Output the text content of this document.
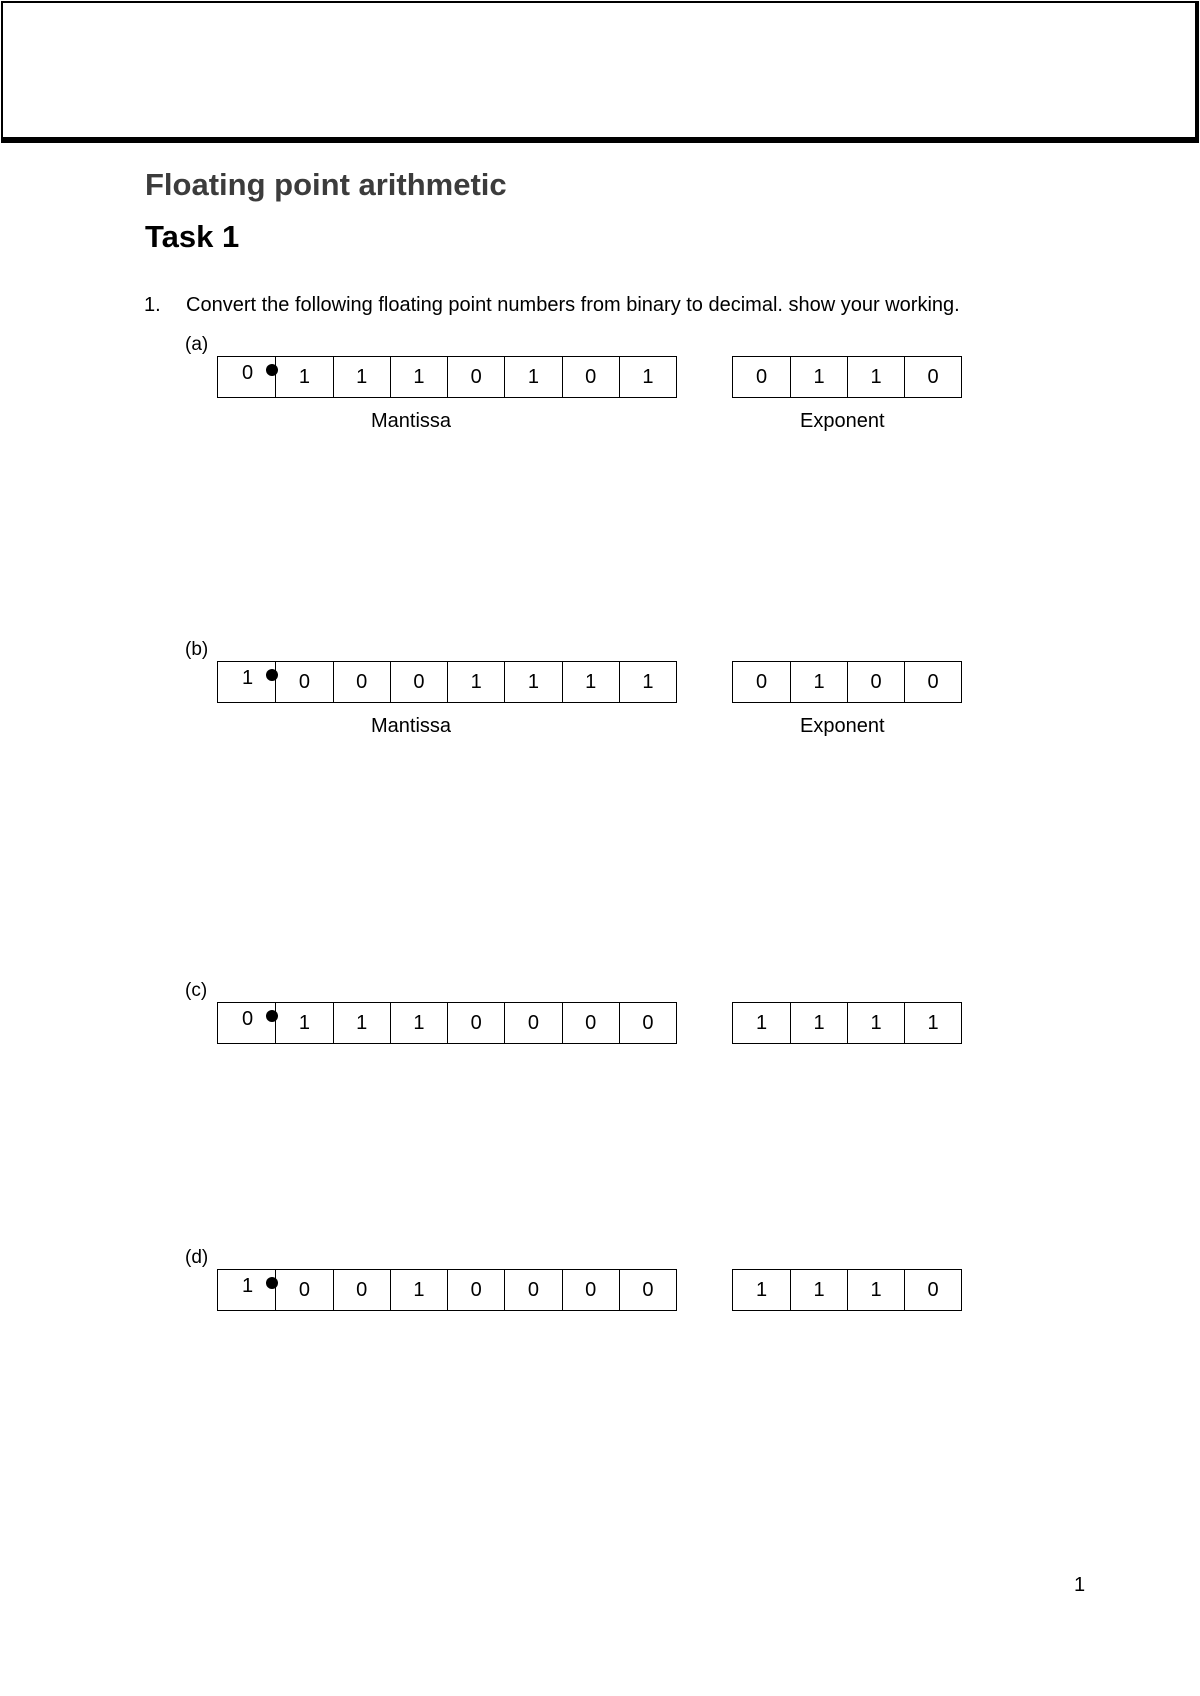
Floating point arithmetic
Task 1
1. Convert the following floating point numbers from binary to decimal. show your working.
(a)
0	1	1	1	0	1	0	1	0	1	1	0
Mantissa	Exponent
(b)
1	0	0	0	1	1	1	1	0	1	0	0
Mantissa	Exponent
(c)
0	1	1	1	0	0	0	0	1	1	1	1
(d)
1	0	0	1	0	0	0	0	1	1	1	0
1
